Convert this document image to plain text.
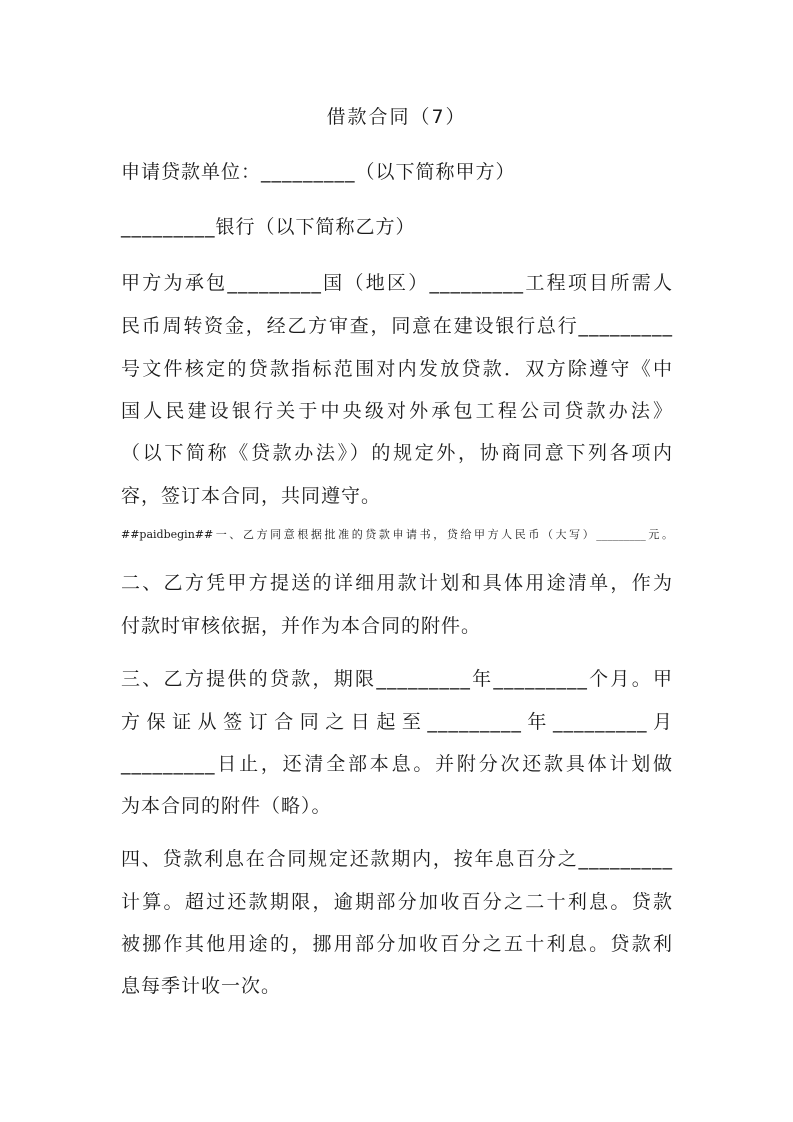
借款合同（7）
申请贷款单位：_________（以下简称甲方）
_________银行（以下简称乙方）
甲方为承包_________国（地区）_________工程项目所需人
民币周转资金，经乙方审查，同意在建设银行总行_________
号文件核定的贷款指标范围对内发放贷款．双方除遵守《中
国人民建设银行关于中央级对外承包工程公司贷款办法》
（以下简称《贷款办法》）的规定外，协商同意下列各项内
容，签订本合同，共同遵守。
##paidbegin##一、乙方同意根据批准的贷款申请书，贷给甲方人民币（大写）_________元。
二、乙方凭甲方提送的详细用款计划和具体用途清单，作为
付款时审核依据，并作为本合同的附件。
三、乙方提供的贷款，期限_________年_________个月。甲
方保证从签订合同之日起至_________年_________月
_________日止，还清全部本息。并附分次还款具体计划做
为本合同的附件（略）。
四、贷款利息在合同规定还款期内，按年息百分之_________
计算。超过还款期限，逾期部分加收百分之二十利息。贷款
被挪作其他用途的，挪用部分加收百分之五十利息。贷款利
息每季计收一次。
